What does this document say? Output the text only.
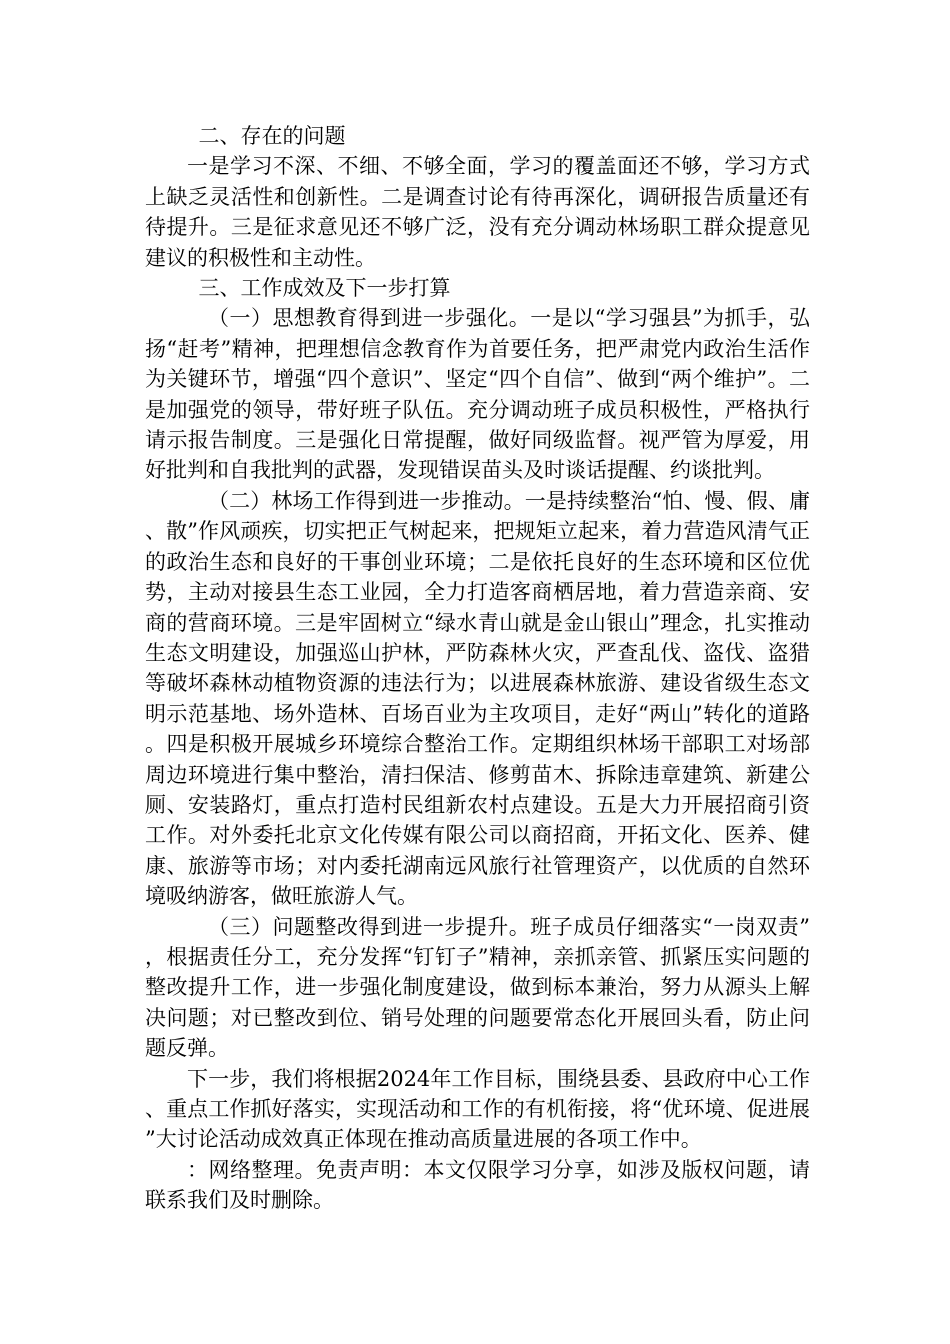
二、存在的问题

一是学习不深、不细、不够全面，学习的覆盖面还不够，学习方式上缺乏灵活性和创新性。二是调查讨论有待再深化，调研报告质量还有待提升。三是征求意见还不够广泛，没有充分调动林场职工群众提意见建议的积极性和主动性。

三、工作成效及下一步打算

（一）思想教育得到进一步强化。一是以“学习强县”为抓手，弘扬“赶考”精神，把理想信念教育作为首要任务，把严肃党内政治生活作为关键环节，增强“四个意识”、坚定“四个自信”、做到“两个维护”。二是加强党的领导，带好班子队伍。充分调动班子成员积极性，严格执行请示报告制度。三是强化日常提醒，做好同级监督。视严管为厚爱，用好批判和自我批判的武器，发现错误苗头及时谈话提醒、约谈批判。

（二）林场工作得到进一步推动。一是持续整治“怕、慢、假、庸、散”作风顽疾，切实把正气树起来，把规矩立起来，着力营造风清气正的政治生态和良好的干事创业环境；二是依托良好的生态环境和区位优势，主动对接县生态工业园，全力打造客商栖居地，着力营造亲商、安商的营商环境。三是牢固树立“绿水青山就是金山银山”理念，扎实推动生态文明建设，加强巡山护林，严防森林火灾，严查乱伐、盗伐、盗猎等破坏森林动植物资源的违法行为；以进展森林旅游、建设省级生态文明示范基地、场外造林、百场百业为主攻项目，走好“两山”转化的道路。四是积极开展城乡环境综合整治工作。定期组织林场干部职工对场部周边环境进行集中整治，清扫保洁、修剪苗木、拆除违章建筑、新建公厕、安装路灯，重点打造村民组新农村点建设。五是大力开展招商引资工作。对外委托北京文化传媒有限公司以商招商，开拓文化、医养、健康、旅游等市场；对内委托湖南远风旅行社管理资产，以优质的自然环境吸纳游客，做旺旅游人气。

（三）问题整改得到进一步提升。班子成员仔细落实“一岗双责”，根据责任分工，充分发挥“钉钉子”精神，亲抓亲管、抓紧压实问题的整改提升工作，进一步强化制度建设，做到标本兼治，努力从源头上解决问题；对已整改到位、销号处理的问题要常态化开展回头看，防止问题反弹。

下一步，我们将根据2024年工作目标，围绕县委、县政府中心工作、重点工作抓好落实，实现活动和工作的有机衔接，将“优环境、促进展”大讨论活动成效真正体现在推动高质量进展的各项工作中。

：网络整理。免责声明：本文仅限学习分享，如涉及版权问题，请联系我们及时删除。
